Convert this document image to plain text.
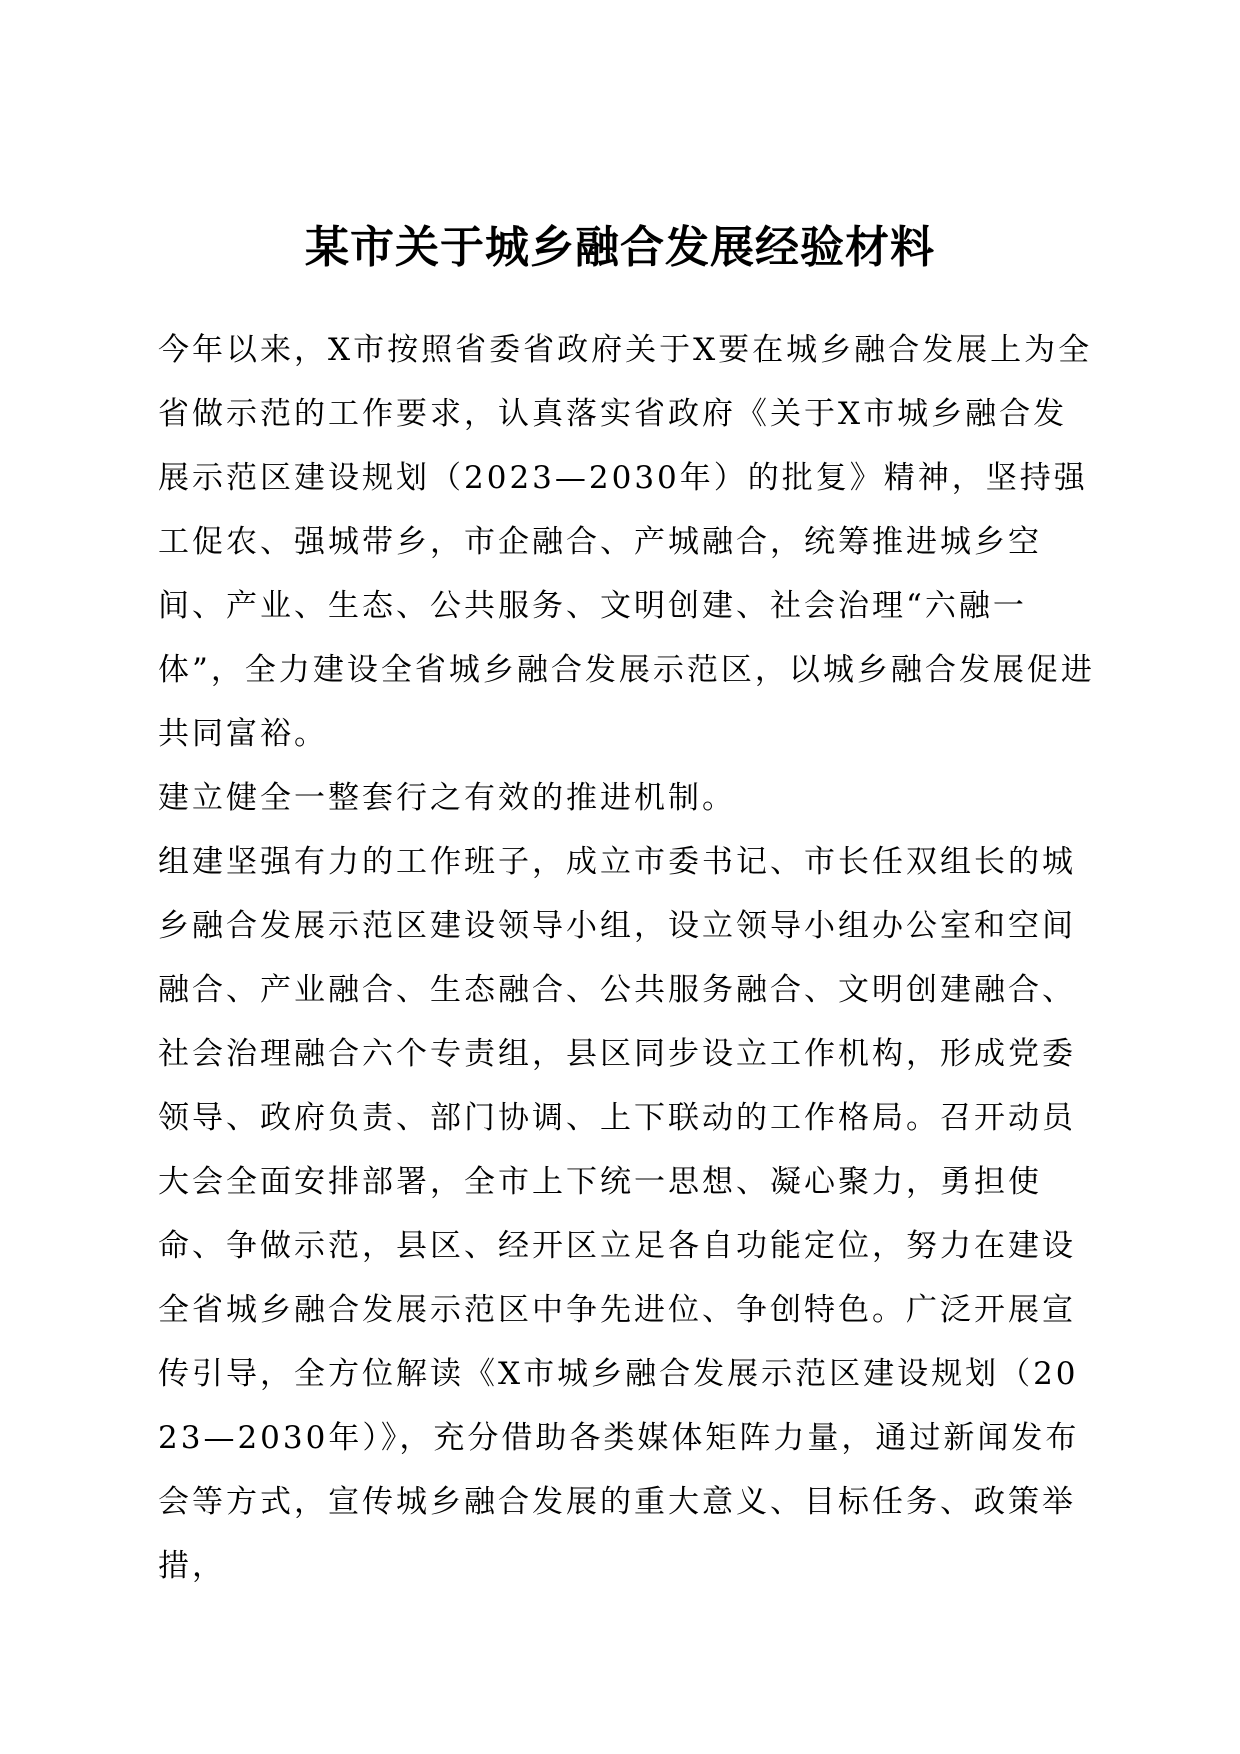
某市关于城乡融合发展经验材料

今年以来，X市按照省委省政府关于X要在城乡融合发展上为全省做示范的工作要求，认真落实省政府《关于X市城乡融合发展示范区建设规划（2023—2030年）的批复》精神，坚持强工促农、强城带乡，市企融合、产城融合，统筹推进城乡空间、产业、生态、公共服务、文明创建、社会治理“六融一体”，全力建设全省城乡融合发展示范区，以城乡融合发展促进共同富裕。

建立健全一整套行之有效的推进机制。

组建坚强有力的工作班子，成立市委书记、市长任双组长的城乡融合发展示范区建设领导小组，设立领导小组办公室和空间融合、产业融合、生态融合、公共服务融合、文明创建融合、社会治理融合六个专责组，县区同步设立工作机构，形成党委领导、政府负责、部门协调、上下联动的工作格局。召开动员大会全面安排部署，全市上下统一思想、凝心聚力，勇担使命、争做示范，县区、经开区立足各自功能定位，努力在建设全省城乡融合发展示范区中争先进位、争创特色。广泛开展宣传引导，全方位解读《X市城乡融合发展示范区建设规划（2023—2030年）》，充分借助各类媒体矩阵力量，通过新闻发布会等方式，宣传城乡融合发展的重大意义、目标任务、政策举措，
